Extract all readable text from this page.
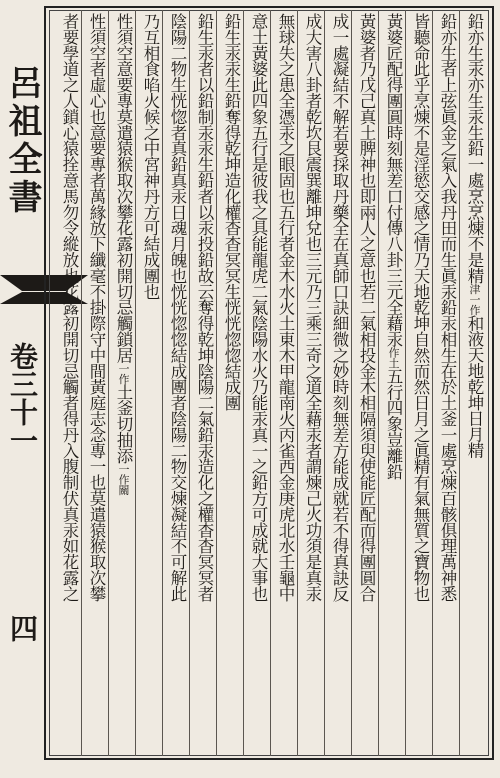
呂祖全書
卷三十一
四
鉛亦生汞亦生汞生鉛一處烹烹煉不是精津一作和液天地乾坤日月精
鉛亦生者上弦眞金之氣入我丹田而生眞汞鉛汞相生在於土釜一處烹煉百骸俱理萬神悉
皆聽命此乎烹煉不是淫慾交感之情乃天地乾坤自然而然日月之眞精有氣無質之寶物也
黃婆匠配得團圓時刻無差口付傳八卦三元全藉汞作土五行四象豈離鉛
黃婆者乃戊己真土脾神也即兩人之意也若二氣相投金木相隔須臾使能匠配而得團圓合
成一處凝結不解若要採取丹藥全在真師口訣細微之妙時刻無差方能成就若不得真訣反
成大害八卦者乾坎艮震巽離坤兌也三元乃三乘三奇之道全藉汞者謂煉己火功須是真汞
無球失之患全憑汞之眼固也五行者金木水火土東木甲龍南火丙雀西金庚虎北水壬龜中
意土黃婆此四象五行是彼我之具能龍虎二氣陰陽水火乃能汞真一之鉛方可成就大事也
鉛生汞汞生鉛奪得乾坤造化權杳杳冥冥生恍恍惚惚結成團
鉛生汞者以鉛制汞汞生鉛者以汞投鉛故云奪得乾坤陰陽二氣鉛汞造化之權杳杳冥冥者
陰陽二物生恍惚者真鉛真汞日魂月魄也恍恍惚惚結成團者陰陽二物交煉凝結不可解此
乃互相食啗火候之中宮神丹方可結成團也
性須空意要專莫遣猿猴取次攀花露初開切忌觸鎖居一作土釜切抽添一作關
性須空者虛心也意要專者萬緣放下纖毫不掛際守中間黃庭志念專一也莫遣猿猴取次攀
者要學道之人鎖心猿拴意馬勿令縱放也花露初開切忌觸者得丹入腹制伏真汞如花露之
